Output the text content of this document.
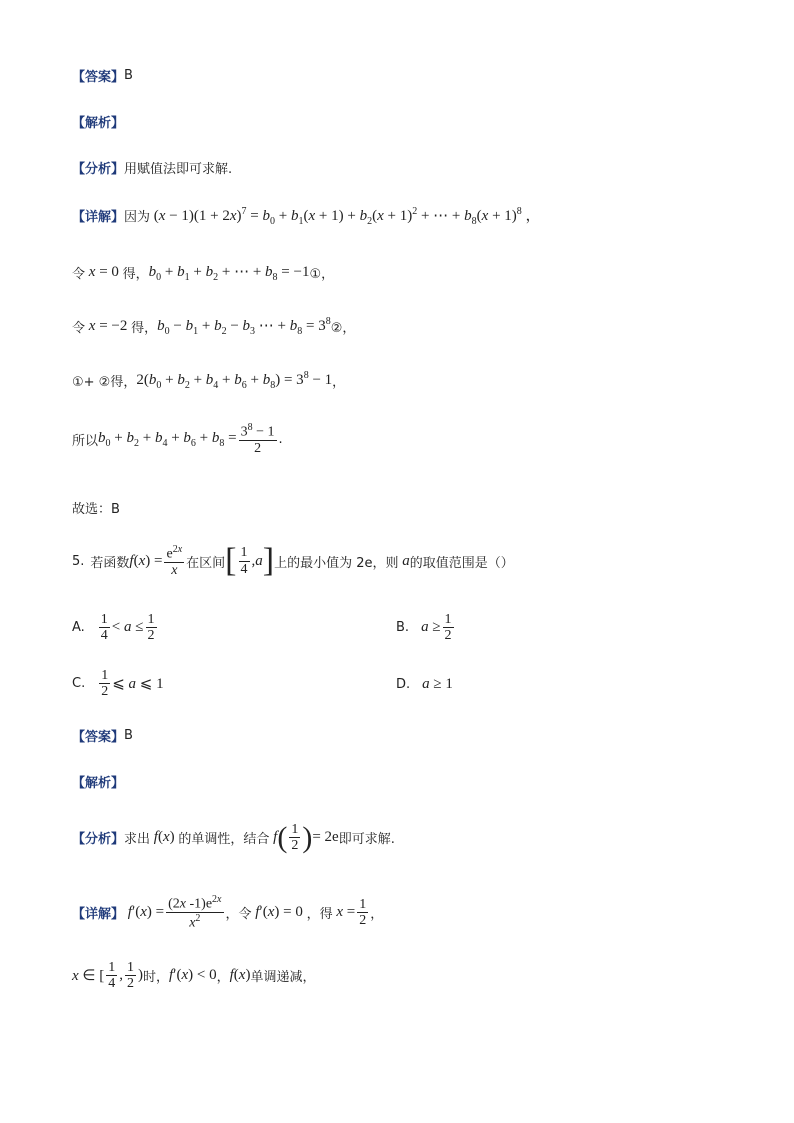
【答案】 B
【解析】
【分析】 用赋值法即可求解.
【详解】 因为 $(x - 1)(1 + 2x)^7 = b_0 + b_1(x + 1) + b_2(x + 1)^2$ + ⋯ + $b_8(x + 1)^8$ ，
令 x = 0 得， $b_0 + b_1 + b_2$ + ⋯ + $b_8 = -1$ ①，
令 x = −2 得， $b_0 - b_1 + b_2 - b_3$ ⋯ + $b_8 = 3^8$ ②，
①+ ②得， $2(b_0 + b_2 + b_4 + b_6 + b_8) = 3^8 - 1$ ，
所以 $b_0 + b_2 + b_4 + b_6 + b_8 = \frac{3^8 - 1}{2}$ .
故选：B
5. 若函数 $f(x) = \frac{e^{2x}}{x}$ 在区间 [ $\frac{1}{4} ,a$ ] 上的最小值为 2e，则 a 的取值范围是（）
A. $\frac{1}{4} < a \le \frac{1}{2}$	B. $a \ge \frac{1}{2}$
C. $\frac{1}{2}$ ⩽ a ⩽ 1	D. a ≥ 1
【答案】 B
【解析】
【分析】 求出 f(x) 的单调性，结合 f ( $\frac{1}{2}$ ) = 2e 即可求解.
【详解】 $f'(x) = \frac{(2x -1)e^{2x}}{x^2}$ ，令 f′(x) = 0 ，得 $x = \frac{1}{2}$ ，
x ∈ [ $\frac{1}{4}$ , $\frac{1}{2}$ ) 时， f′(x) < 0 ， f(x) 单调递减，
